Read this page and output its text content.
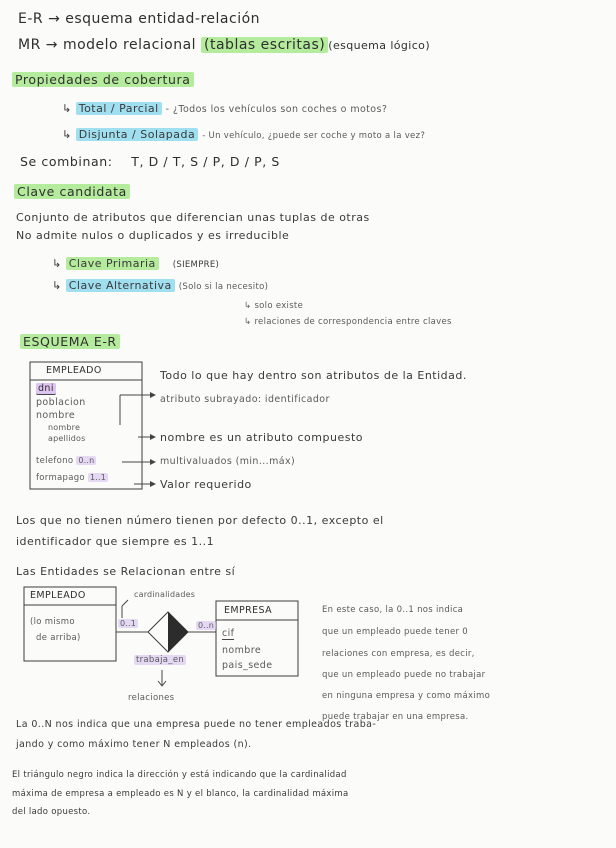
E-R → esquema entidad-relación
MR → modelo relacional (tablas escritas) (esquema lógico)
Propiedades de cobertura
↳ Total / Parcial - ¿Todos los vehículos son coches o motos?
↳ Disjunta / Solapada - Un vehículo, ¿puede ser coche y moto a la vez?
Se combinan: T, D / T, S / P, D / P, S
Clave candidata
Conjunto de atributos que diferencian unas tuplas de otras
No admite nulos o duplicados y es irreducible
↳ Clave Primaria (SIEMPRE)
↳ Clave Alternativa (Solo si la necesito)
↳ solo existe
↳ relaciones de correspondencia entre claves
ESQUEMA E-R
EMPLEADO
dni
poblacion
nombre
nombre
apellidos
telefono 0..n
formapago 1..1
Todo lo que hay dentro son atributos de la Entidad.
atributo subrayado: identificador
nombre es un atributo compuesto
multivaluados (min...máx)
Valor requerido
Los que no tienen número tienen por defecto 0..1, excepto el
identificador que siempre es 1..1
Las Entidades se Relacionan entre sí
EMPLEADO
(lo mismo
de arriba)
cardinalidades
0..1	0..n
trabaja_en
relaciones
EMPRESA
cif
nombre
pais_sede
En este caso, la 0..1 nos indica
que un empleado puede tener 0
relaciones con empresa, es decir,
que un empleado puede no trabajar
en ninguna empresa y como máximo
puede trabajar en una empresa.
La 0..N nos indica que una empresa puede no tener empleados traba-
jando y como máximo tener N empleados (n).
El triángulo negro indica la dirección y está indicando que la cardinalidad
máxima de empresa a empleado es N y el blanco, la cardinalidad máxima
del lado opuesto.
